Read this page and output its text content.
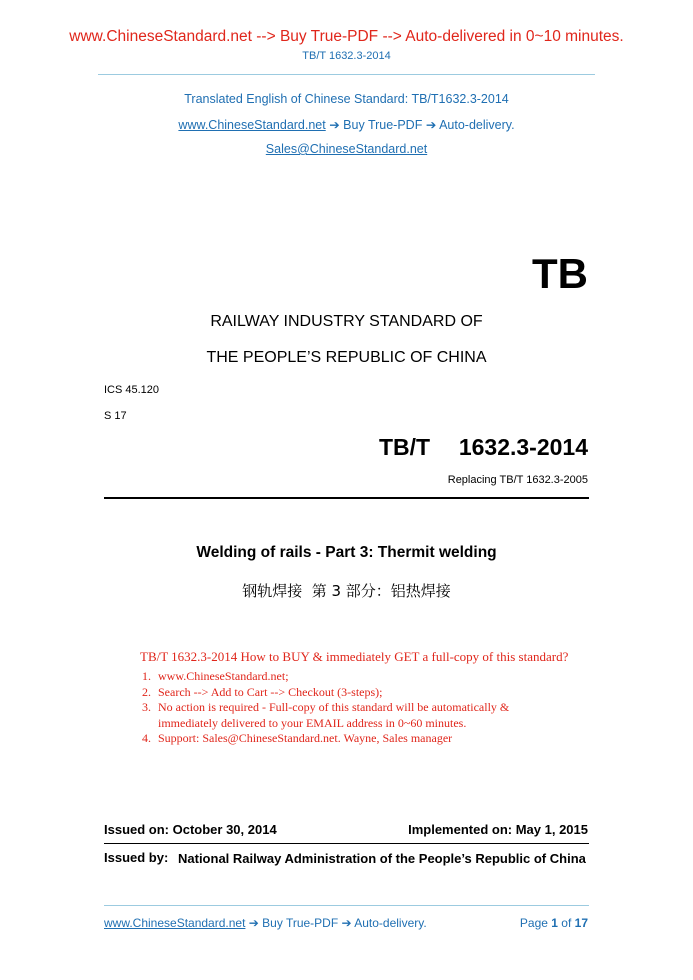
www.ChineseStandard.net --> Buy True-PDF --> Auto-delivered in 0~10 minutes.
TB/T 1632.3-2014
Translated English of Chinese Standard: TB/T1632.3-2014
www.ChineseStandard.net ➔ Buy True-PDF ➔ Auto-delivery.
Sales@ChineseStandard.net
TB
RAILWAY INDUSTRY STANDARD OF
THE PEOPLE’S REPUBLIC OF CHINA
ICS 45.120
S 17
TB/T  1632.3-2014
Replacing TB/T 1632.3-2005
Welding of rails - Part 3: Thermit welding
钢轨焊接  第 3 部分：铝热焊接
TB/T 1632.3-2014 How to BUY & immediately GET a full-copy of this standard?
1. www.ChineseStandard.net;
2. Search --> Add to Cart --> Checkout (3-steps);
3. No action is required - Full-copy of this standard will be automatically & immediately delivered to your EMAIL address in 0~60 minutes.
4. Support: Sales@ChineseStandard.net. Wayne, Sales manager
Issued on: October 30, 2014	Implemented on: May 1, 2015
Issued by: National Railway Administration of the People’s Republic of China
www.ChineseStandard.net ➔ Buy True-PDF ➔ Auto-delivery.	Page 1 of 17
